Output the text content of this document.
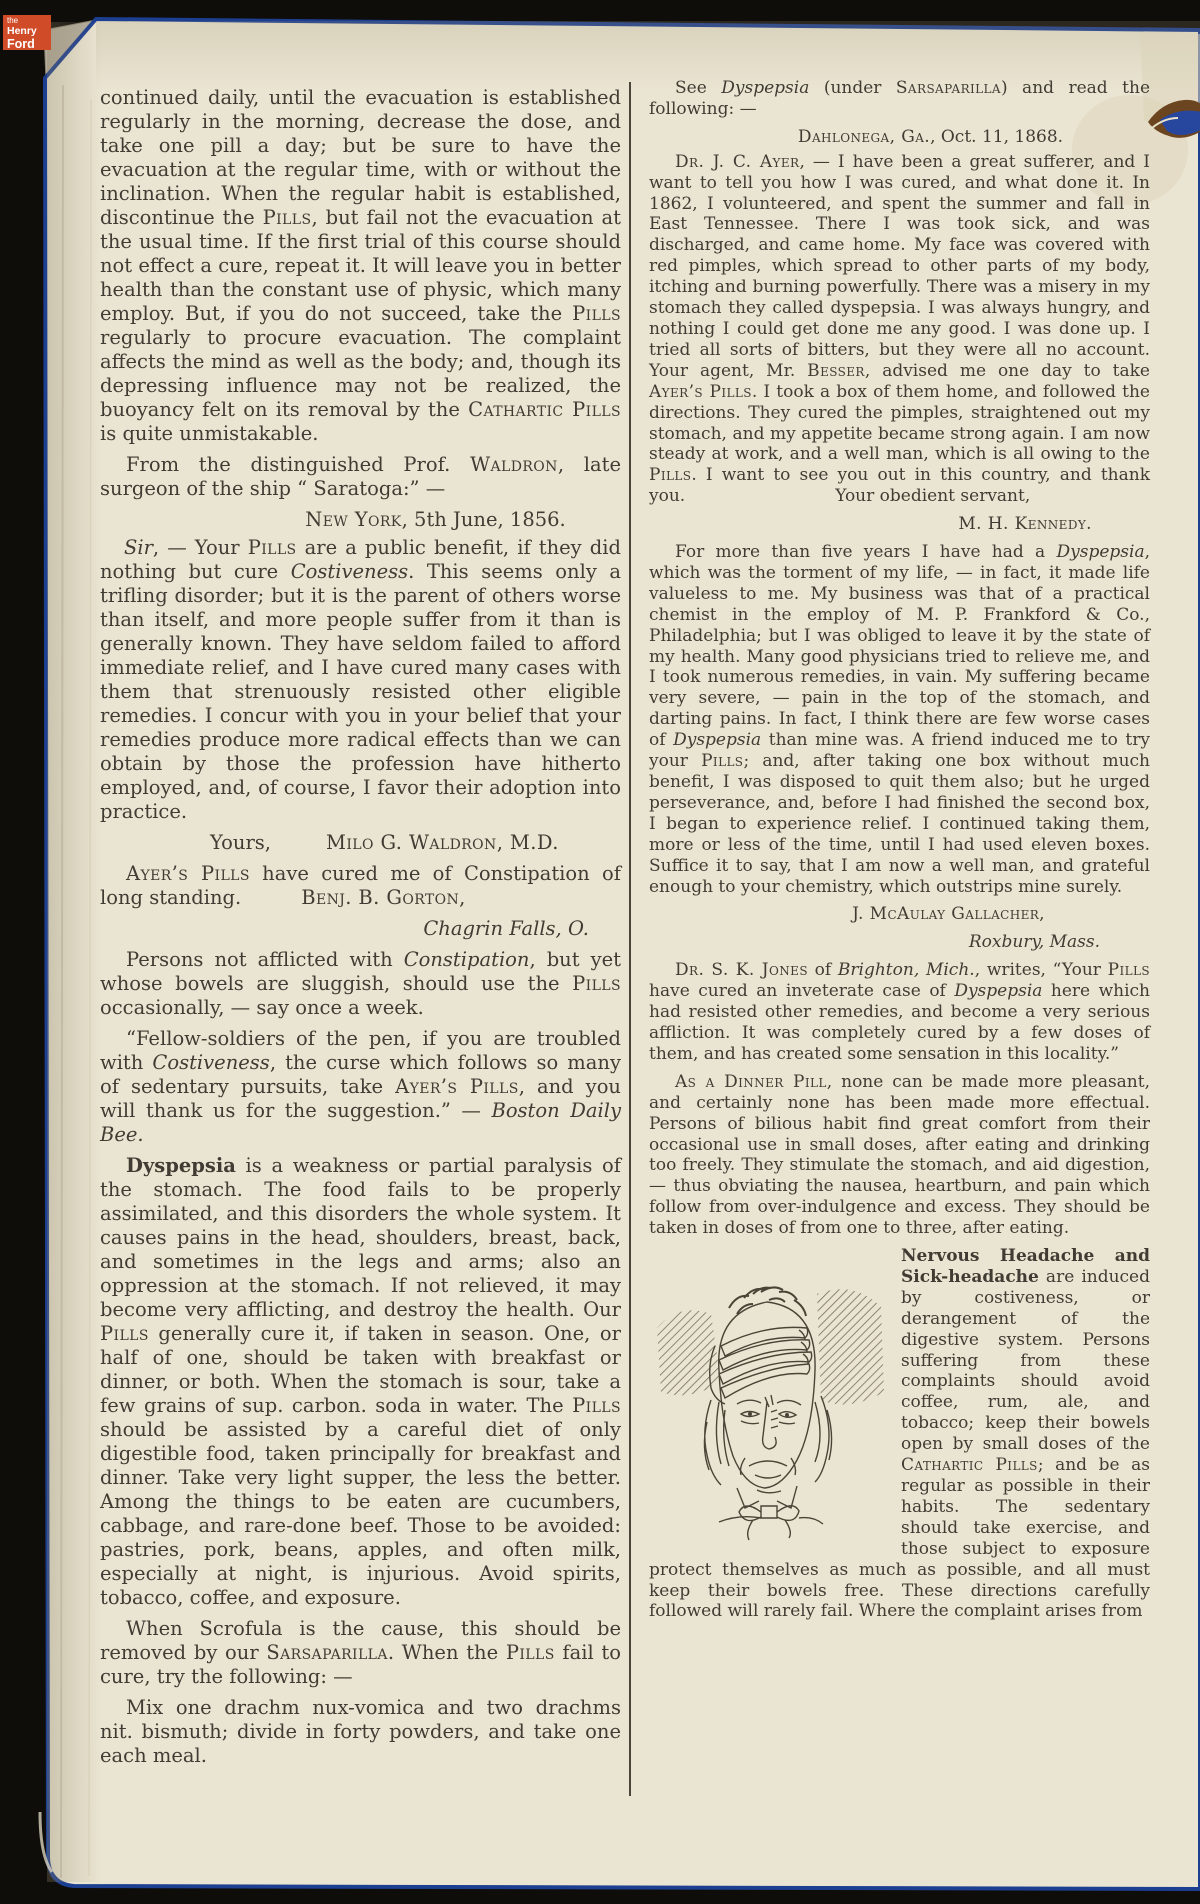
the
Henry
Ford

continued daily, until the evacuation is established regularly in the morning, decrease the dose, and take one pill a day; but be sure to have the evacuation at the regular time, with or without the inclination. When the regular habit is established, discontinue the Pills, but fail not the evacuation at the usual time. If the first trial of this course should not effect a cure, repeat it. It will leave you in better health than the constant use of physic, which many employ. But, if you do not succeed, take the Pills regularly to procure evacuation. The complaint affects the mind as well as the body; and, though its depressing influence may not be realized, the buoyancy felt on its removal by the Cathartic Pills is quite unmistakable.

From the distinguished Prof. Waldron, late surgeon of the ship “ Saratoga:” —

New York, 5th June, 1856.

Sir, — Your Pills are a public benefit, if they did nothing but cure Costiveness. This seems only a trifling disorder; but it is the parent of others worse than itself, and more people suffer from it than is generally known. They have seldom failed to afford immediate relief, and I have cured many cases with them that strenuously resisted other eligible remedies. I concur with you in your belief that your remedies produce more radical effects than we can obtain by those the profession have hitherto employed, and, of course, I favor their adoption into practice.

Yours,	Milo G. Waldron, M.D.

Ayer’s Pills have cured me of Constipation of long standing.	Benj. B. Gorton,

Chagrin Falls, O.

Persons not afflicted with Constipation, but yet whose bowels are sluggish, should use the Pills occasionally, — say once a week.

“Fellow-soldiers of the pen, if you are troubled with Costiveness, the curse which follows so many of sedentary pursuits, take Ayer’s Pills, and you will thank us for the suggestion.” — Boston Daily Bee.

Dyspepsia is a weakness or partial paralysis of the stomach. The food fails to be properly assimilated, and this disorders the whole system. It causes pains in the head, shoulders, breast, back, and sometimes in the legs and arms; also an oppression at the stomach. If not relieved, it may become very afflicting, and destroy the health. Our Pills generally cure it, if taken in season. One, or half of one, should be taken with breakfast or dinner, or both. When the stomach is sour, take a few grains of sup. carbon. soda in water. The Pills should be assisted by a careful diet of only digestible food, taken principally for breakfast and dinner. Take very light supper, the less the better. Among the things to be eaten are cucumbers, cabbage, and rare-done beef. Those to be avoided: pastries, pork, beans, apples, and often milk, especially at night, is injurious. Avoid spirits, tobacco, coffee, and exposure.

When Scrofula is the cause, this should be removed by our Sarsaparilla. When the Pills fail to cure, try the following: —

Mix one drachm nux-vomica and two drachms nit. bismuth; divide in forty powders, and take one each meal.

See Dyspepsia (under Sarsaparilla) and read the following: —

Dahlonega, Ga., Oct. 11, 1868.

Dr. J. C. Ayer, — I have been a great sufferer, and I want to tell you how I was cured, and what done it. In 1862, I volunteered, and spent the summer and fall in East Tennessee. There I was took sick, and was discharged, and came home. My face was covered with red pimples, which spread to other parts of my body, itching and burning powerfully. There was a misery in my stomach they called dyspepsia. I was always hungry, and nothing I could get done me any good. I was done up. I tried all sorts of bitters, but they were all no account. Your agent, Mr. Besser, advised me one day to take Ayer’s Pills. I took a box of them home, and followed the directions. They cured the pimples, straightened out my stomach, and my appetite became strong again. I am now steady at work, and a well man, which is all owing to the Pills. I want to see you out in this country, and thank you.	Your obedient servant,

M. H. Kennedy.

For more than five years I have had a Dyspepsia, which was the torment of my life, — in fact, it made life valueless to me. My business was that of a practical chemist in the employ of M. P. Frankford & Co., Philadelphia; but I was obliged to leave it by the state of my health. Many good physicians tried to relieve me, and I took numerous remedies, in vain. My suffering became very severe, — pain in the top of the stomach, and darting pains. In fact, I think there are few worse cases of Dyspepsia than mine was. A friend induced me to try your Pills; and, after taking one box without much benefit, I was disposed to quit them also; but he urged perseverance, and, before I had finished the second box, I began to experience relief. I continued taking them, more or less of the time, until I had used eleven boxes. Suffice it to say, that I am now a well man, and grateful enough to your chemistry, which outstrips mine surely.

J. McAulay Gallacher,

Roxbury, Mass.

Dr. S. K. Jones of Brighton, Mich., writes, “Your Pills have cured an inveterate case of Dyspepsia here which had resisted other remedies, and become a very serious affliction. It was completely cured by a few doses of them, and has created some sensation in this locality.”

As a Dinner Pill, none can be made more pleasant, and certainly none has been made more effectual. Persons of bilious habit find great comfort from their occasional use in small doses, after eating and drinking too freely. They stimulate the stomach, and aid digestion, — thus obviating the nausea, heartburn, and pain which follow from over-indulgence and excess. They should be taken in doses of from one to three, after eating.

Nervous Headache and Sick-headache are induced by costiveness, or derangement of the digestive system. Persons suffering from these complaints should avoid coffee, rum, ale, and tobacco; keep their bowels open by small doses of the Cathartic Pills; and be as regular as possible in their habits. The sedentary should take exercise, and those subject to exposure protect themselves as much as possible, and all must keep their bowels free. These directions carefully followed will rarely fail. Where the complaint arises from
